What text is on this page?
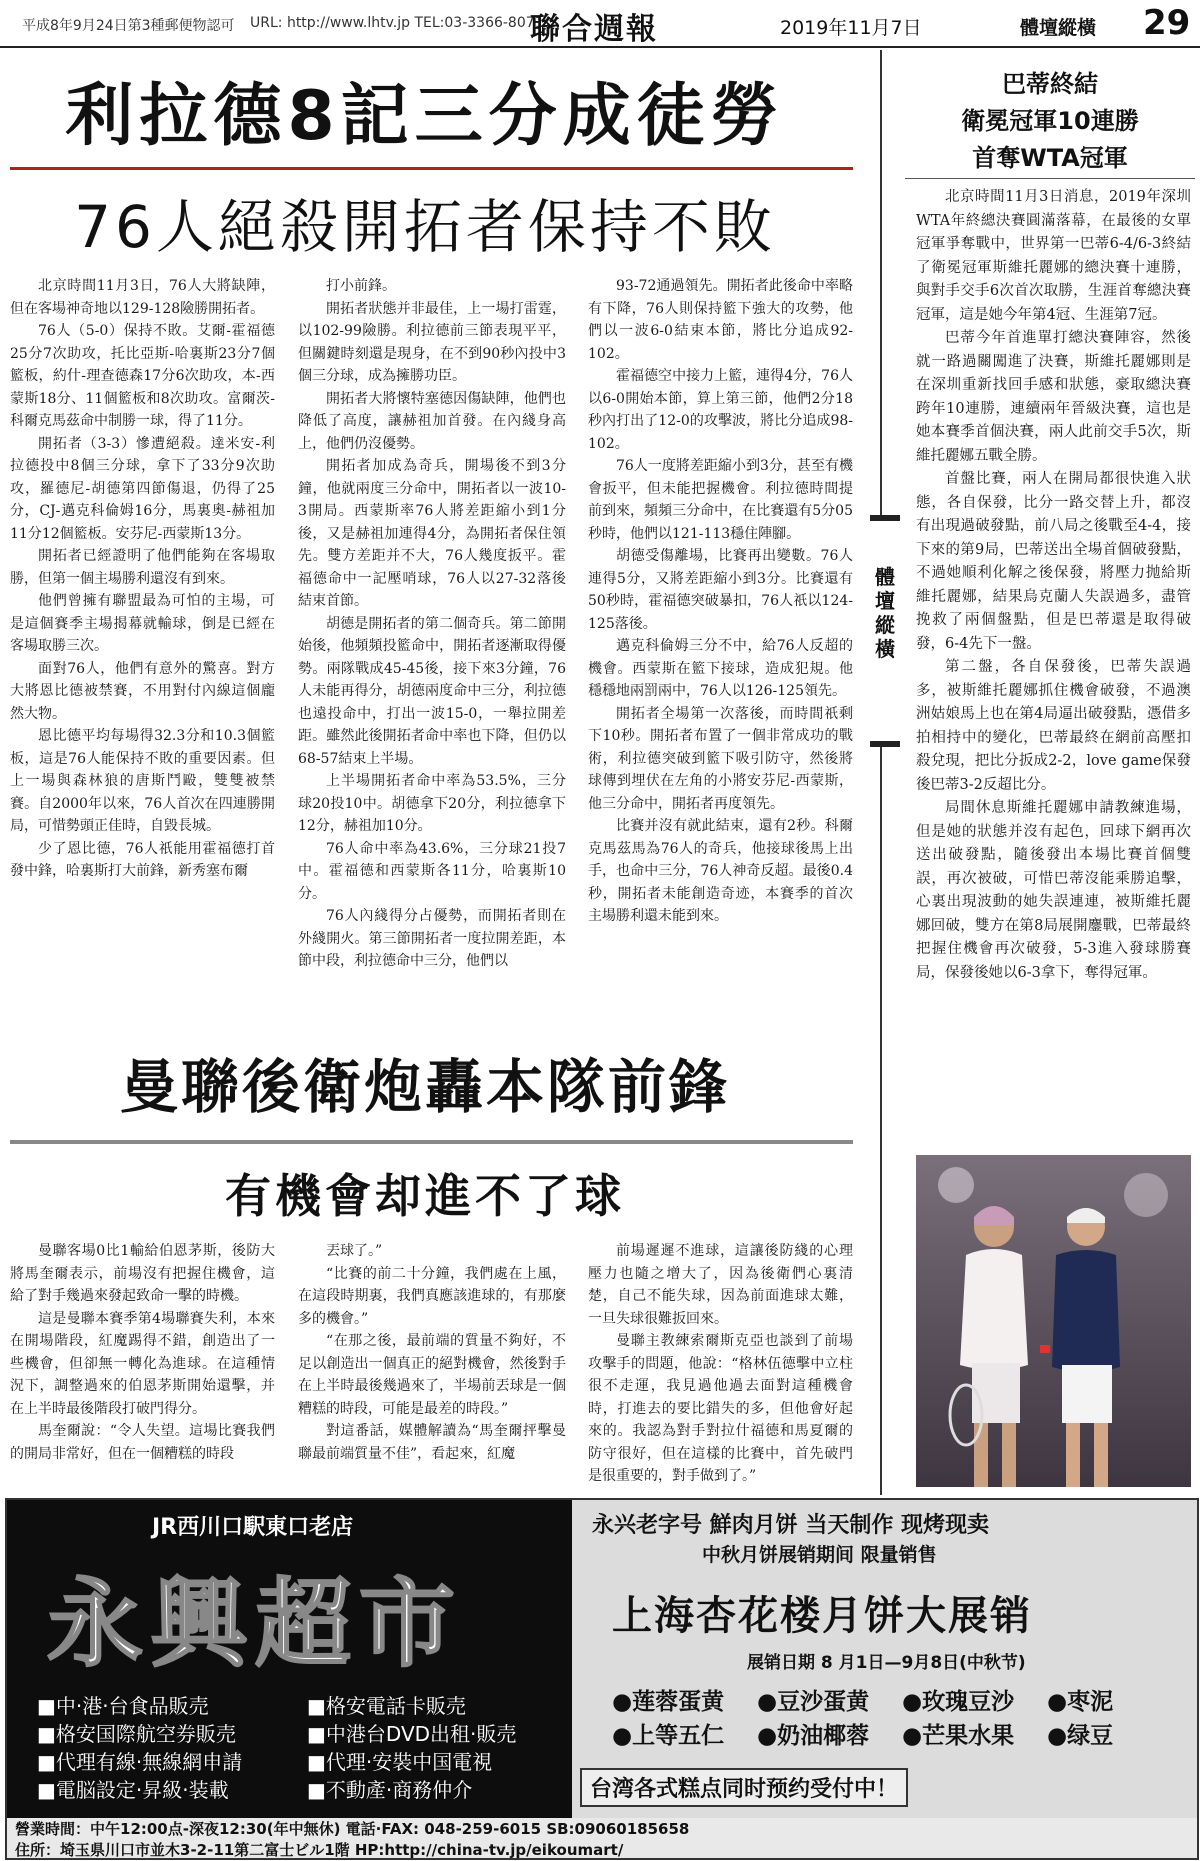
平成8年9月24日第3種郵便物認可 URL: http://www.lhtv.jp TEL:03-3366-8071
聯合週報	2019年11月7日	體壇縱橫 29
利拉德8記三分成徒勞
76人絕殺開拓者保持不敗

北京時間11月3日，76人大將缺陣，但在客場神奇地以129-128險勝開拓者。

76人（5-0）保持不敗。艾爾-霍福德25分7次助攻，托比亞斯-哈裏斯23分7個籃板，約什-理查德森17分6次助攻，本-西蒙斯18分、11個籃板和8次助攻。富爾茨-科爾克馬茲命中制勝一球，得了11分。

開拓者（3-3）慘遭絕殺。達米安-利拉德投中8個三分球，拿下了33分9次助攻，羅德尼-胡德第四節傷退，仍得了25分，CJ-邁克科倫姆16分，馬裏奧-赫祖加11分12個籃板。安芬尼-西蒙斯13分。

開拓者已經證明了他們能夠在客場取勝，但第一個主場勝利還沒有到來。

他們曾擁有聯盟最為可怕的主場，可是這個賽季主場揭幕就輸球，倒是已經在客場取勝三次。

面對76人，他們有意外的驚喜。對方大將恩比德被禁賽，不用對付內線這個龐然大物。

恩比德平均每場得32.3分和10.3個籃板，這是76人能保持不敗的重要因素。但上一場與森林狼的唐斯鬥毆，雙雙被禁賽。自2000年以來，76人首次在四連勝開局，可惜勢頭正佳時，自毀長城。

少了恩比德，76人祇能用霍福德打首發中鋒，哈裏斯打大前鋒，新秀塞布爾

打小前鋒。

開拓者狀態并非最佳，上一場打雷霆，以102-99險勝。利拉德前三節表現平平，但關鍵時刻還是現身，在不到90秒內投中3個三分球，成為擁勝功臣。

開拓者大將懷特塞德因傷缺陣，他們也降低了高度，讓赫祖加首發。在內綫身高上，他們仍沒優勢。

開拓者加成為奇兵，開場後不到3分鐘，他就兩度三分命中，開拓者以一波10-3開局。西蒙斯率76人將差距縮小到1分後，又是赫祖加連得4分，為開拓者保住領先。雙方差距并不大，76人幾度扳平。霍福德命中一記壓哨球，76人以27-32落後結束首節。

胡德是開拓者的第二個奇兵。第二節開始後，他頻頻投籃命中，開拓者逐漸取得優勢。兩隊戰成45-45後，接下來3分鐘，76人未能再得分，胡德兩度命中三分，利拉德也遠投命中，打出一波15-0，一舉拉開差距。雖然此後開拓者命中率也下降，但仍以68-57結束上半場。

上半場開拓者命中率為53.5%，三分球20投10中。胡德拿下20分，利拉德拿下12分，赫祖加10分。

76人命中率為43.6%，三分球21投7中。霍福德和西蒙斯各11分，哈裏斯10分。

76人內綫得分占優勢，而開拓者則在外綫開火。第三節開拓者一度拉開差距，本節中段，利拉德命中三分，他們以

93-72通過領先。開拓者此後命中率略有下降，76人則保持籃下強大的攻勢，他們以一波6-0結束本節，將比分追成92-102。

霍福德空中接力上籃，連得4分，76人以6-0開始本節，算上第三節，他們2分18秒內打出了12-0的攻擊波，將比分追成98-102。

76人一度將差距縮小到3分，甚至有機會扳平，但未能把握機會。利拉德時間提前到來，頻頻三分命中，在比賽還有5分05秒時，他們以121-113穩住陣腳。

胡德受傷離場，比賽再出變數。76人連得5分，又將差距縮小到3分。比賽還有50秒時，霍福德突破暴扣，76人祇以124-125落後。

邁克科倫姆三分不中，給76人反超的機會。西蒙斯在籃下接球，造成犯規。他穩穩地兩罰兩中，76人以126-125領先。

開拓者全場第一次落後，而時間祇剩下10秒。開拓者布置了一個非常成功的戰術，利拉德突破到籃下吸引防守，然後將球傳到埋伏在左角的小將安芬尼-西蒙斯，他三分命中，開拓者再度領先。

比賽并沒有就此結束，還有2秒。科爾克馬茲馬為76人的奇兵，他接球後馬上出手，也命中三分，76人神奇反超。最後0.4秒，開拓者未能創造奇迹，本賽季的首次主場勝利還未能到來。

曼聯後衛炮轟本隊前鋒
有機會却進不了球

曼聯客場0比1輸給伯恩茅斯，後防大將馬奎爾表示，前場沒有把握住機會，這給了對手幾過來發起致命一擊的時機。

這是曼聯本賽季第4場聯賽失利，本來在開場階段，紅魔踢得不錯，創造出了一些機會，但卻無一轉化為進球。在這種情況下，調整過來的伯恩茅斯開始還擊，并在上半時最後階段打破門得分。

馬奎爾說：“令人失望。這場比賽我們的開局非常好，但在一個糟糕的時段

丟球了。”

“比賽的前二十分鐘，我們處在上風，在這段時期裏，我們真應該進球的，有那麼多的機會。”

“在那之後，最前端的質量不夠好，不足以創造出一個真正的絕對機會，然後對手在上半時最後幾過來了，半場前丟球是一個糟糕的時段，可能是最差的時段。”

對這番話，媒體解讀為“馬奎爾抨擊曼聯最前端質量不佳”，看起來，紅魔

前場遲遲不進球，這讓後防綫的心理壓力也隨之增大了，因為後衛們心裏清楚，自己不能失球，因為前面進球太難，一旦失球很難扳回來。

曼聯主教練索爾斯克亞也談到了前場攻擊手的問題，他說：“格林伍德擊中立柱很不走運，我見過他過去面對這種機會時，打進去的要比錯失的多，但他會好起來的。我認為對手對拉什福德和馬夏爾的防守很好，但在這樣的比賽中，首先破門是很重要的，對手做到了。”

巴蒂終結
衛冕冠軍10連勝
首奪WTA冠軍

北京時間11月3日消息，2019年深圳WTA年終總決賽圓滿落幕，在最後的女單冠軍爭奪戰中，世界第一巴蒂6-4/6-3終結了衛冕冠軍斯維托麗娜的總決賽十連勝，與對手交手6次首次取勝，生涯首奪總決賽冠軍，這是她今年第4冠、生涯第7冠。

巴蒂今年首進單打總決賽陣容，然後就一路過關闖進了決賽，斯維托麗娜則是在深圳重新找回手感和狀態，豪取總決賽跨年10連勝，連續兩年晉級決賽，這也是她本賽季首個決賽，兩人此前交手5次，斯維托麗娜五戰全勝。

首盤比賽，兩人在開局都很快進入狀態，各自保發，比分一路交替上升，都沒有出現過破發點，前八局之後戰至4-4，接下來的第9局，巴蒂送出全場首個破發點，不過她順利化解之後保發，將壓力抛給斯維托麗娜，結果烏克蘭人失誤過多，盡管挽救了兩個盤點，但是巴蒂還是取得破發，6-4先下一盤。

第二盤，各自保發後，巴蒂失誤過多，被斯維托麗娜抓住機會破發，不過澳洲姑娘馬上也在第4局逼出破發點，憑借多拍相持中的變化，巴蒂最終在網前高壓扣殺兌現，把比分扳成2-2，love game保發後巴蒂3-2反超比分。

局間休息斯維托麗娜申請教練進場，但是她的狀態并沒有起色，回球下網再次送出破發點，隨後發出本場比賽首個雙誤，再次被破，可惜巴蒂沒能乘勝追擊，心裏出現波動的她失誤連連，被斯維托麗娜回破，雙方在第8局展開鏖戰，巴蒂最終把握住機會再次破發，5-3進入發球勝賽局，保發後她以6-3拿下，奪得冠軍。

體壇縱橫
JR西川口駅東口老店
永興超市
■ 中·港·台食品販売
■ 格安国際航空券販売
■ 代理有線·無線網申請
■ 電脳設定·昇級·装載
■ 格安電話卡販売
■ 中港台DVD出租·販売
■ 代理·安裝中国電視
■ 不動產·商務仲介
永兴老字号 鮮肉月饼 当天制作 现烤现卖
中秋月饼展销期间 限量销售
上海杏花楼月饼大展销
展销日期 8 月1日—9月8日(中秋节)
● 莲蓉蛋黄 ● 豆沙蛋黄 ● 玫瑰豆沙 ● 枣泥● 上等五仁 ● 奶油椰蓉 ● 芒果水果 ● 绿豆
台湾各式糕点同时预约受付中！
營業時間：中午12:00点-深夜12:30(年中無休) 電話·FAX: 048-259-6015 SB:09060185658
住所：埼玉県川口市並木3-2-11第二富士ビル1階 HP:http://china-tv.jp/eikoumart/
